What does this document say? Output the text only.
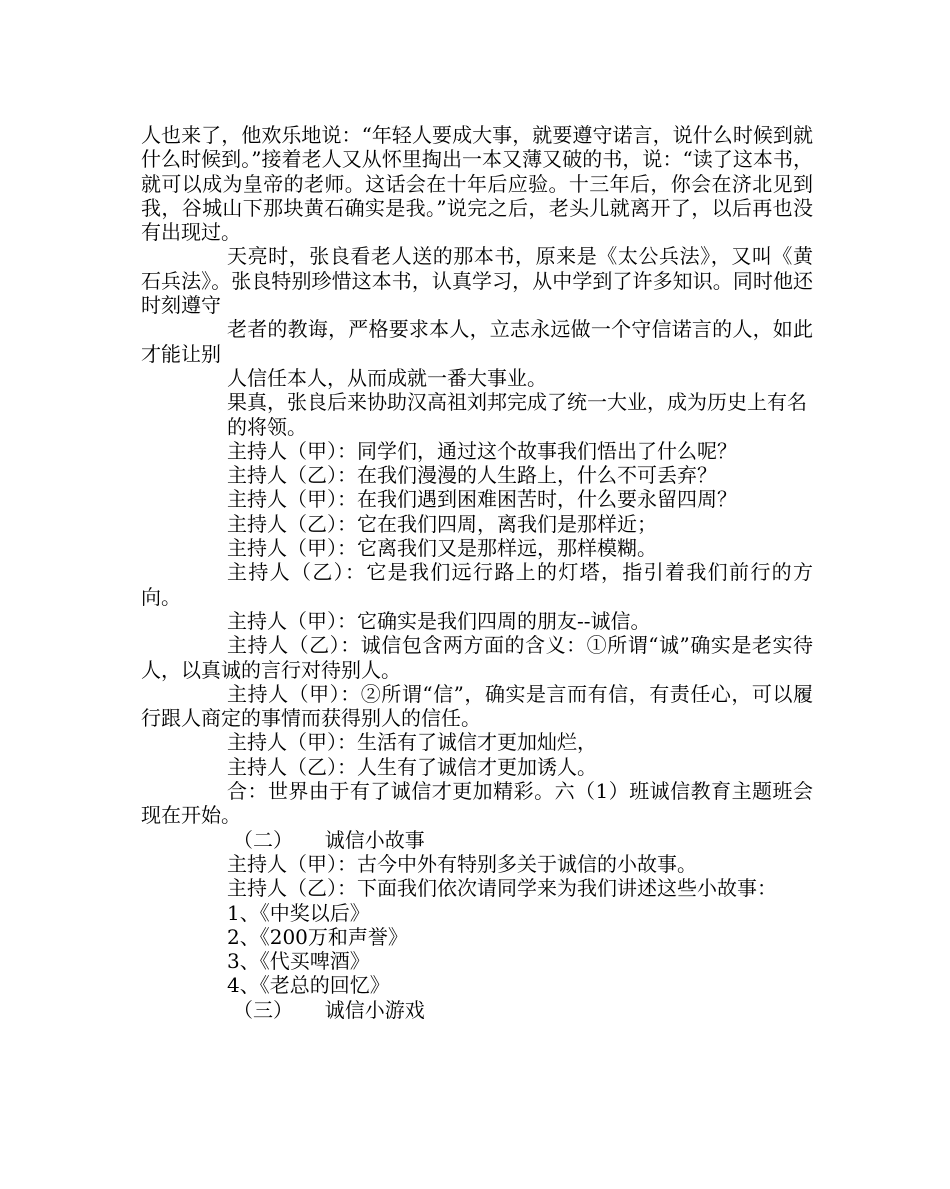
人也来了，他欢乐地说：“年轻人要成大事，就要遵守诺言，说什么时候到就什么时候到。”接着老人又从怀里掏出一本又薄又破的书，说：“读了这本书，就可以成为皇帝的老师。这话会在十年后应验。十三年后，你会在济北见到我，谷城山下那块黄石确实是我。”说完之后，老头儿就离开了，以后再也没有出现过。

天亮时，张良看老人送的那本书，原来是《太公兵法》，又叫《黄石兵法》。张良特别珍惜这本书，认真学习，从中学到了许多知识。同时他还时刻遵守

老者的教诲，严格要求本人，立志永远做一个守信诺言的人，如此才能让别

人信任本人，从而成就一番大事业。

果真，张良后来协助汉高祖刘邦完成了统一大业，成为历史上有名

的将领。

主持人（甲）：同学们，通过这个故事我们悟出了什么呢？

主持人（乙）：在我们漫漫的人生路上，什么不可丢弃？

主持人（甲）：在我们遇到困难困苦时，什么要永留四周？

主持人（乙）：它在我们四周，离我们是那样近；

主持人（甲）：它离我们又是那样远，那样模糊。

主持人（乙）：它是我们远行路上的灯塔，指引着我们前行的方向。

主持人（甲）：它确实是我们四周的朋友--诚信。

主持人（乙）：诚信包含两方面的含义：①所谓“诚”确实是老实待人，以真诚的言行对待别人。

主持人（甲）：②所谓“信”，确实是言而有信，有责任心，可以履行跟人商定的事情而获得别人的信任。

主持人（甲）：生活有了诚信才更加灿烂，

主持人（乙）：人生有了诚信才更加诱人。

合：世界由于有了诚信才更加精彩。六（1）班诚信教育主题班会现在开始。

（二）     诚信小故事

主持人（甲）：古今中外有特别多关于诚信的小故事。

主持人（乙）：下面我们依次请同学来为我们讲述这些小故事：

1、《中奖以后》

2、《200万和声誉》

3、《代买啤酒》

4、《老总的回忆》

（三）     诚信小游戏
